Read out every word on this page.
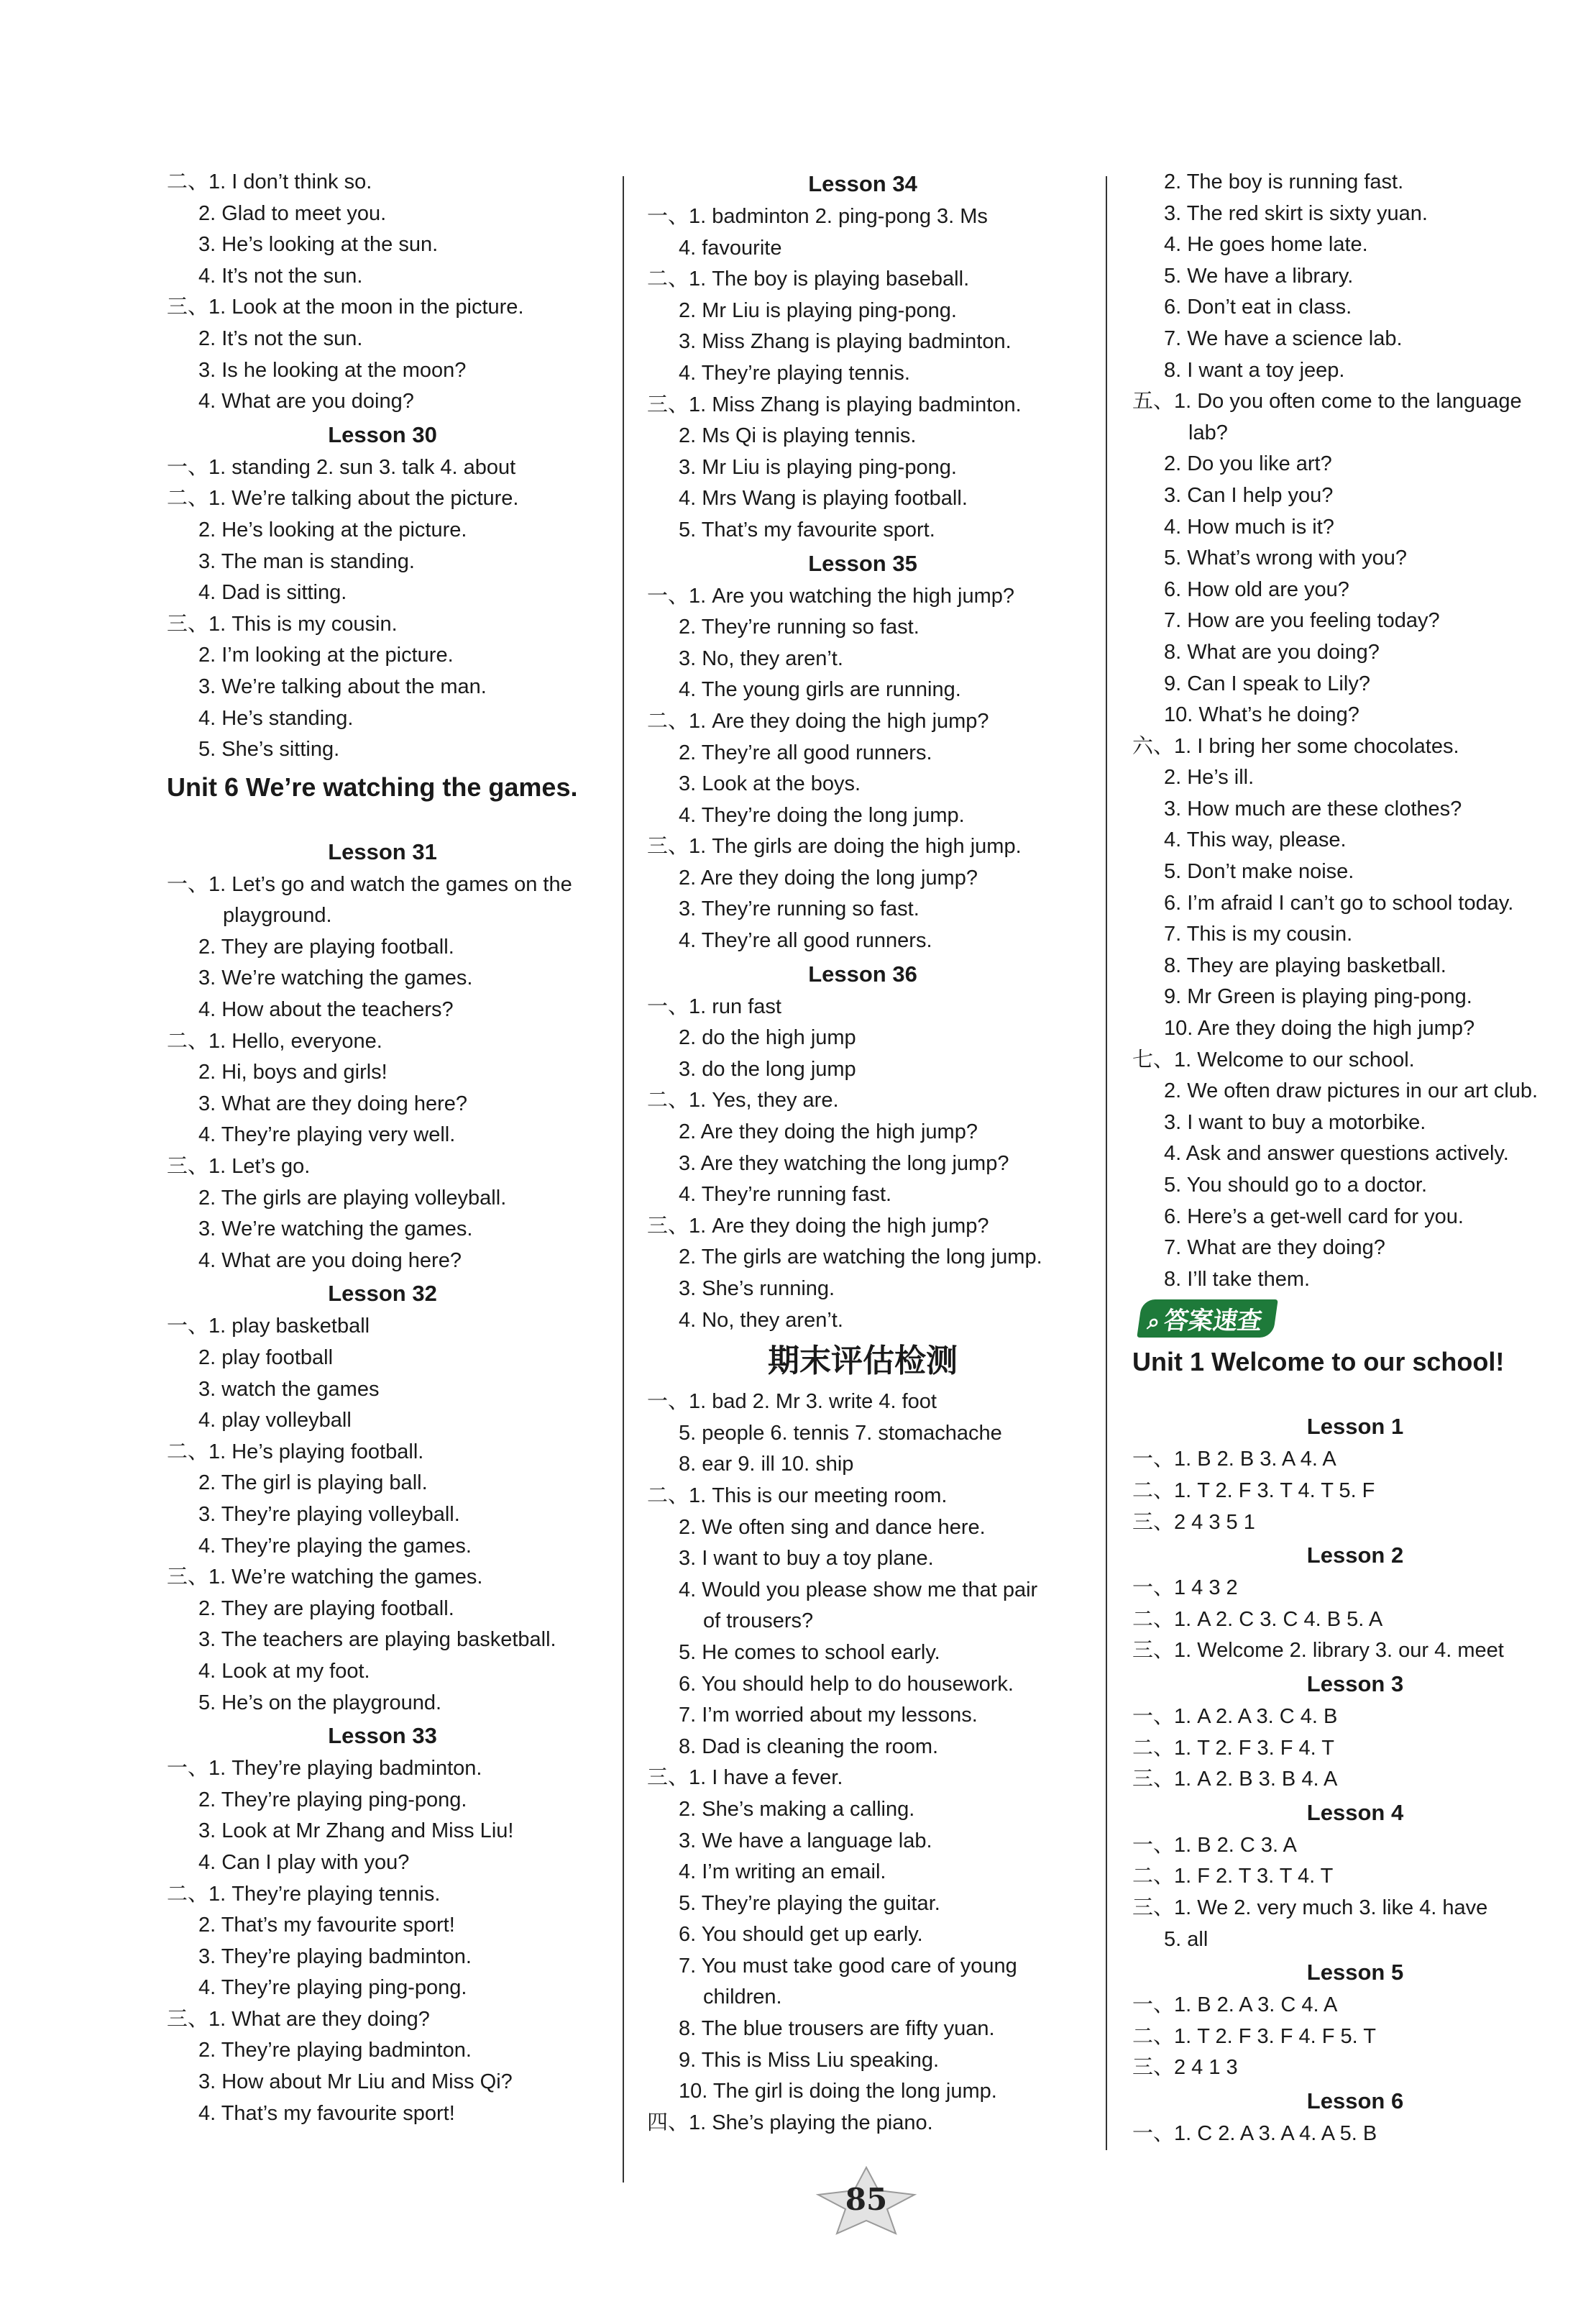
二、1. I don’t think so.
2. Glad to meet you.
3. He’s looking at the sun.
4. It’s not the sun.
三、1. Look at the moon in the picture.
2. It’s not the sun.
3. Is he looking at the moon?
4. What are you doing?
Lesson 30
一、1. standing 2. sun 3. talk 4. about
二、1. We’re talking about the picture.
2. He’s looking at the picture.
3. The man is standing.
4. Dad is sitting.
三、1. This is my cousin.
2. I’m looking at the picture.
3. We’re talking about the man.
4. He’s standing.
5. She’s sitting.
Unit 6 We’re watching the games.
Lesson 31
一、1. Let’s go and watch the games on the
playground.
2. They are playing football.
3. We’re watching the games.
4. How about the teachers?
二、1. Hello, everyone.
2. Hi, boys and girls!
3. What are they doing here?
4. They’re playing very well.
三、1. Let’s go.
2. The girls are playing volleyball.
3. We’re watching the games.
4. What are you doing here?
Lesson 32
一、1. play basketball
2. play football
3. watch the games
4. play volleyball
二、1. He’s playing football.
2. The girl is playing ball.
3. They’re playing volleyball.
4. They’re playing the games.
三、1. We’re watching the games.
2. They are playing football.
3. The teachers are playing basketball.
4. Look at my foot.
5. He’s on the playground.
Lesson 33
一、1. They’re playing badminton.
2. They’re playing ping-pong.
3. Look at Mr Zhang and Miss Liu!
4. Can I play with you?
二、1. They’re playing tennis.
2. That’s my favourite sport!
3. They’re playing badminton.
4. They’re playing ping-pong.
三、1. What are they doing?
2. They’re playing badminton.
3. How about Mr Liu and Miss Qi?
4. That’s my favourite sport!
Lesson 34
一、1. badminton 2. ping-pong 3. Ms
4. favourite
二、1. The boy is playing baseball.
2. Mr Liu is playing ping-pong.
3. Miss Zhang is playing badminton.
4. They’re playing tennis.
三、1. Miss Zhang is playing badminton.
2. Ms Qi is playing tennis.
3. Mr Liu is playing ping-pong.
4. Mrs Wang is playing football.
5. That’s my favourite sport.
Lesson 35
一、1. Are you watching the high jump?
2. They’re running so fast.
3. No, they aren’t.
4. The young girls are running.
二、1. Are they doing the high jump?
2. They’re all good runners.
3. Look at the boys.
4. They’re doing the long jump.
三、1. The girls are doing the high jump.
2. Are they doing the long jump?
3. They’re running so fast.
4. They’re all good runners.
Lesson 36
一、1. run fast
2. do the high jump
3. do the long jump
二、1. Yes, they are.
2. Are they doing the high jump?
3. Are they watching the long jump?
4. They’re running fast.
三、1. Are they doing the high jump?
2. The girls are watching the long jump.
3. She’s running.
4. No, they aren’t.
期末评估检测
一、1. bad 2. Mr 3. write 4. foot
5. people 6. tennis 7. stomachache
8. ear 9. ill 10. ship
二、1. This is our meeting room.
2. We often sing and dance here.
3. I want to buy a toy plane.
4. Would you please show me that pair
of trousers?
5. He comes to school early.
6. You should help to do housework.
7. I’m worried about my lessons.
8. Dad is cleaning the room.
三、1. I have a fever.
2. She’s making a calling.
3. We have a language lab.
4. I’m writing an email.
5. They’re playing the guitar.
6. You should get up early.
7. You must take good care of young
children.
8. The blue trousers are fifty yuan.
9. This is Miss Liu speaking.
10. The girl is doing the long jump.
四、1. She’s playing the piano.
2. The boy is running fast.
3. The red skirt is sixty yuan.
4. He goes home late.
5. We have a library.
6. Don’t eat in class.
7. We have a science lab.
8. I want a toy jeep.
五、1. Do you often come to the language
lab?
2. Do you like art?
3. Can I help you?
4. How much is it?
5. What’s wrong with you?
6. How old are you?
7. How are you feeling today?
8. What are you doing?
9. Can I speak to Lily?
10. What’s he doing?
六、1. I bring her some chocolates.
2. He’s ill.
3. How much are these clothes?
4. This way, please.
5. Don’t make noise.
6. I’m afraid I can’t go to school today.
7. This is my cousin.
8. They are playing basketball.
9. Mr Green is playing ping-pong.
10. Are they doing the high jump?
七、1. Welcome to our school.
2. We often draw pictures in our art club.
3. I want to buy a motorbike.
4. Ask and answer questions actively.
5. You should go to a doctor.
6. Here’s a get-well card for you.
7. What are they doing?
8. I’ll take them.
⌕答案速查
Unit 1 Welcome to our school!
Lesson 1
一、1. B 2. B 3. A 4. A
二、1. T 2. F 3. T 4. T 5. F
三、2 4 3 5 1
Lesson 2
一、1 4 3 2
二、1. A 2. C 3. C 4. B 5. A
三、1. Welcome 2. library 3. our 4. meet
Lesson 3
一、1. A 2. A 3. C 4. B
二、1. T 2. F 3. F 4. T
三、1. A 2. B 3. B 4. A
Lesson 4
一、1. B 2. C 3. A
二、1. F 2. T 3. T 4. T
三、1. We 2. very much 3. like 4. have
5. all
Lesson 5
一、1. B 2. A 3. C 4. A
二、1. T 2. F 3. F 4. F 5. T
三、2 4 1 3
Lesson 6
一、1. C 2. A 3. A 4. A 5. B
85
